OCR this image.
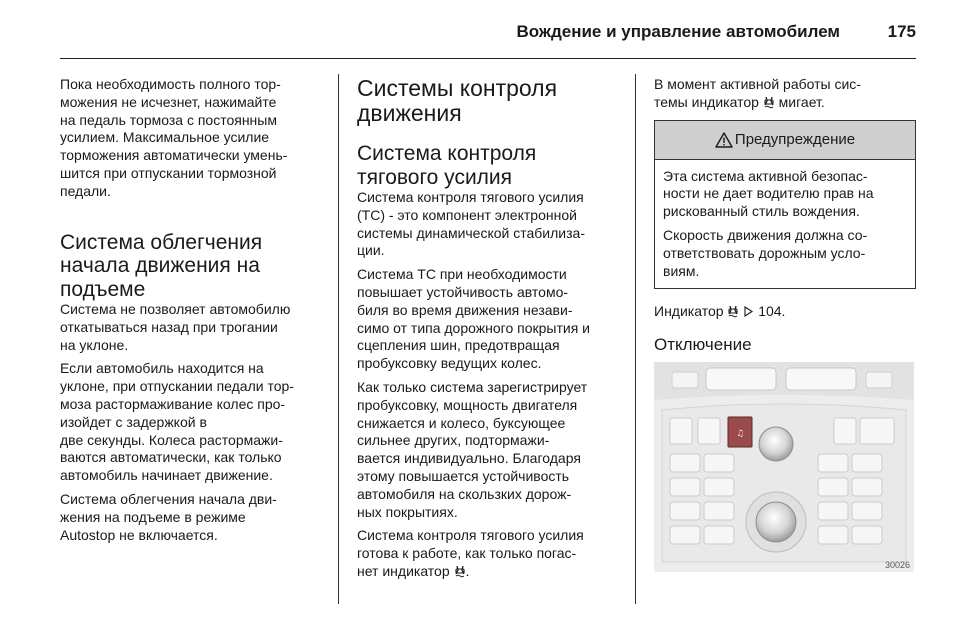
Вождение и управление автомобилем	175

Пока необходимость полного тор-
можения не исчезнет, нажимайте
на педаль тормоза с постоянным
усилием. Максимальное усилие
торможения автоматически умень-
шится при отпускании тормозной
педали.

Система облегчения
начала движения на
подъеме

Система не позволяет автомобилю
откатываться назад при трогании
на уклоне.

Если автомобиль находится на
уклоне, при отпускании педали тор-
моза растормаживание колес про-
изойдет с задержкой в
две секунды. Колеса растормажи-
ваются автоматически, как только
автомобиль начинает движение.

Система облегчения начала дви-
жения на подъеме в режиме
Autostop не включается.

Системы контроля
движения
Система контроля
тягового усилия

Система контроля тягового усилия
(TC) - это компонент электронной
системы динамической стабилиза-
ции.

Система TC при необходимости
повышает устойчивость автомо-
биля во время движения незави-
симо от типа дорожного покрытия и
сцепления шин, предотвращая
пробуксовку ведущих колес.

Как только система зарегистрирует
пробуксовку, мощность двигателя
снижается и колесо, буксующее
сильнее других, подтормажи-
вается индивидуально. Благодаря
этому повышается устойчивость
автомобиля на скользких дорож-
ных покрытиях.

Система контроля тягового усилия
готова к работе, как только погас-
нет индикатор .

В момент активной работы сис-
темы индикатор  мигает.

Предупреждение

Эта система активной безопас-
ности не дает водителю прав на
рискованный стиль вождения.

Скорость движения должна со-
ответствовать дорожным усло-
виям.

Индикатор   104.

Отключение
♫
30026
